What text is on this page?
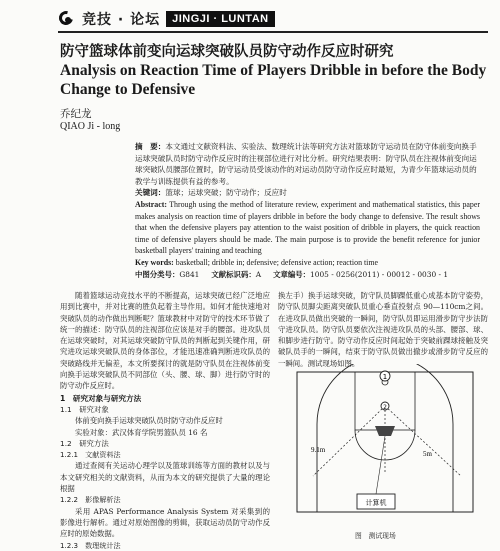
竞技 · 论坛	JINGJI · LUNTAN
防守篮球体前变向运球突破队员防守动作反应时研究
Analysis on Reaction Time of Players Dribble in before the Body Change to Defensive
乔纪龙
QIAO Ji - long

摘　要：本文通过文献资料法、实验法、数理统计法等研究方法对篮球防守运动员在防守体前变向换手运球突破队员时防守动作反应时的注视部位进行对比分析。研究结果表明：防守队员在注视体前变向运球突破队员腰部位置时，防守运动员受该动作的对运动员防守动作反应时最短，为青少年篮球运动员的教学与训练提供有益的参考。

关键词：篮球；运球突破；防守动作；反应时

Abstract: Through using the method of literature review, experiment and mathematical statistics, this paper makes analysis on reaction time of players dribble in before the body change to defensive. The result shows that when the defensive players pay attention to the waist position of dribble in players, the quick reaction time of defensive players should be made. The main purpose is to provide the benefit reference for junior basketball players' training and teaching

Key words: basketball; dribble in; defensive; defensive action; reaction time

中图分类号：G841 文献标识码：A 文章编号：1005 - 0256(2011) - 00012 - 0030 - 1

随着篮球运动竞技水平的不断提高，运球突破已经广泛地应用到比赛中，并对比赛的胜负起着主导作用。如何才能快速地对突破队员的动作做出判断呢？篮球教材中对防守的技术环节做了统一的描述：防守队员的注视部位应该是对手的腰部。进攻队员在运球突破时，对其运球突破防守队员的判断起到关键作用，研究进攻运球突破队员的身体部位，才能迅速准确判断进攻队员的突破路线并无偏差，本文所要探讨的就是防守队员在注视体前变向换手运球突破队员不同部位（头、腰、球、脚）进行防守时的防守动作反应时。

1　研究对象与研究方法

1.1　研究对象

体前变向换手运球突破队员时防守动作反应时

实验对象：武汉体育学院男篮队员 16 名

1.2　研究方法

1.2.1　文献资料法

通过查阅有关运动心理学以及篮球训练等方面的教材以及与本文研究相关的文献资料，从而为本文的研究提供了大量的理论根据

1.2.2　影像解析法

采用 APAS Performance Analysis System 对采集到的影像进行解析。通过对原始图像的剪辑，获取运动员防守动作反应时的原始数据。

1.2.3　数理统计法

换左手）换手运球突破，防守队员脚踝低重心成基本防守姿势，防守队员脚尖距离突破队员重心垂直投射点 90—110cm之间。在进攻队员做出突破的一瞬间，防守队员即运用滑步防守步法防守进攻队员。防守队员要依次注视进攻队员的头部、腰部、球、和脚步进行防守。防守动作反应时间起始于突破前踝球接触及突破队员手的一瞬间，结束于防守队员做出撤步或滑步防守反应的一瞬间。测试现场如图。

1
2
9.1m	5m
计算机
图　测试现场
